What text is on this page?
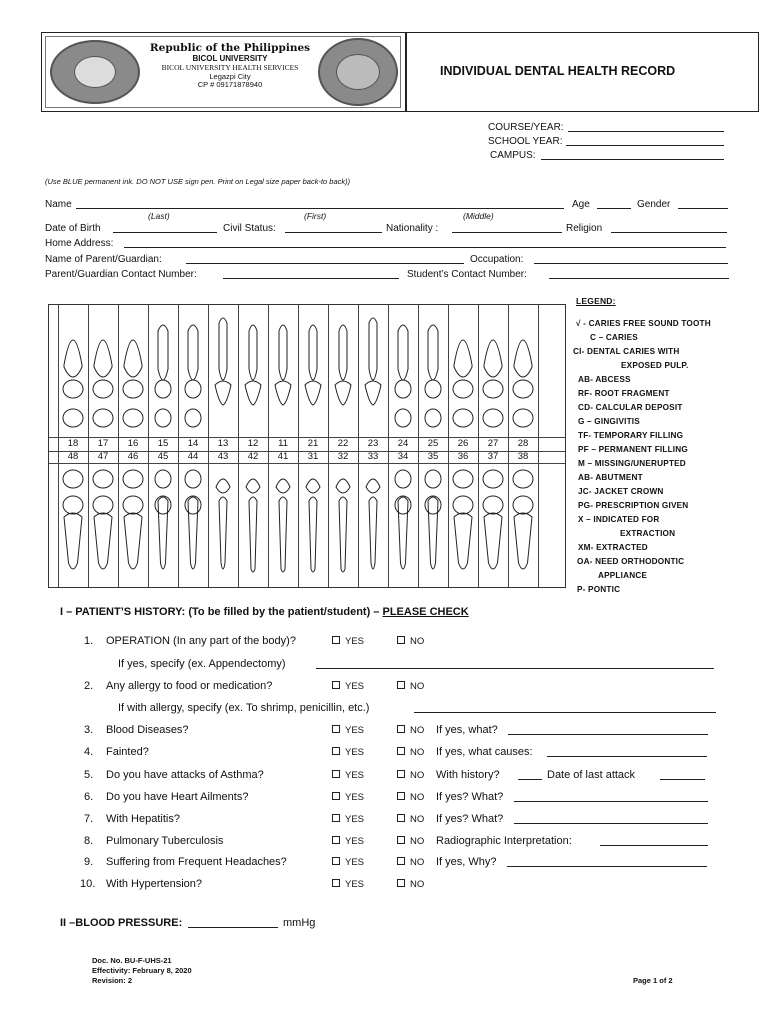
Republic of the Philippines
BICOL UNIVERSITY
BICOL UNIVERSITY HEALTH SERVICES
Legazpi City
CP # 09171878940
INDIVIDUAL DENTAL HEALTH RECORD
COURSE/YEAR:
SCHOOL YEAR:
CAMPUS:
(Use BLUE permanent ink. DO NOT USE sign pen. Print on Legal size paper back-to back))
Name
(Last)	(First)	(Middle)
Age	Gender
Date of Birth	Civil Status:	Nationality :	Religion
Home Address:
Name of Parent/Guardian:	Occupation:
Parent/Guardian Contact Number:	Student’s Contact Number:
18	17	16	15	14	13	12	11	21	22	23	24	25	26	27	28
48	47	46	45	44	43	42	41	31	32	33	34	35	36	37	38
LEGEND:
√ - CARIES FREE SOUND TOOTH
C – CARIES
CI- DENTAL CARIES WITH
EXPOSED PULP.
AB- ABCESS
RF- ROOT FRAGMENT
CD- CALCULAR DEPOSIT
G – GINGIVITIS
TF- TEMPORARY FILLING
PF – PERMANENT FILLING
M – MISSING/UNERUPTED
AB- ABUTMENT
JC- JACKET CROWN
PG- PRESCRIPTION GIVEN
X – INDICATED FOR
EXTRACTION
XM- EXTRACTED
OA- NEED ORTHODONTIC
APPLIANCE
P- PONTIC
I – PATIENT’S HISTORY: (To be filled by the patient/student) – PLEASE CHECK
1. OPERATION (In any part of the body)?	YES	NO
If yes, specify (ex. Appendectomy)
2. Any allergy to food or medication?	YES	NO
If with allergy, specify (ex. To shrimp, penicillin, etc.)
3. Blood Diseases?	YES	NO If yes, what?
4. Fainted?	YES	NO If yes, what causes:
5. Do you have attacks of Asthma?	YES	NO With history?	Date of last attack
6. Do you have Heart Ailments?	YES	NO If yes? What?
7. With Hepatitis?	YES	NO If yes? What?
8. Pulmonary Tuberculosis	YES	NO Radiographic Interpretation:
9. Suffering from Frequent Headaches?	YES	NO If yes, Why?
10. With Hypertension?	YES	NO
II –BLOOD PRESSURE:	mmHg
Doc. No. BU-F-UHS-21
Effectivity: February 8, 2020
Revision: 2	Page 1 of 2
